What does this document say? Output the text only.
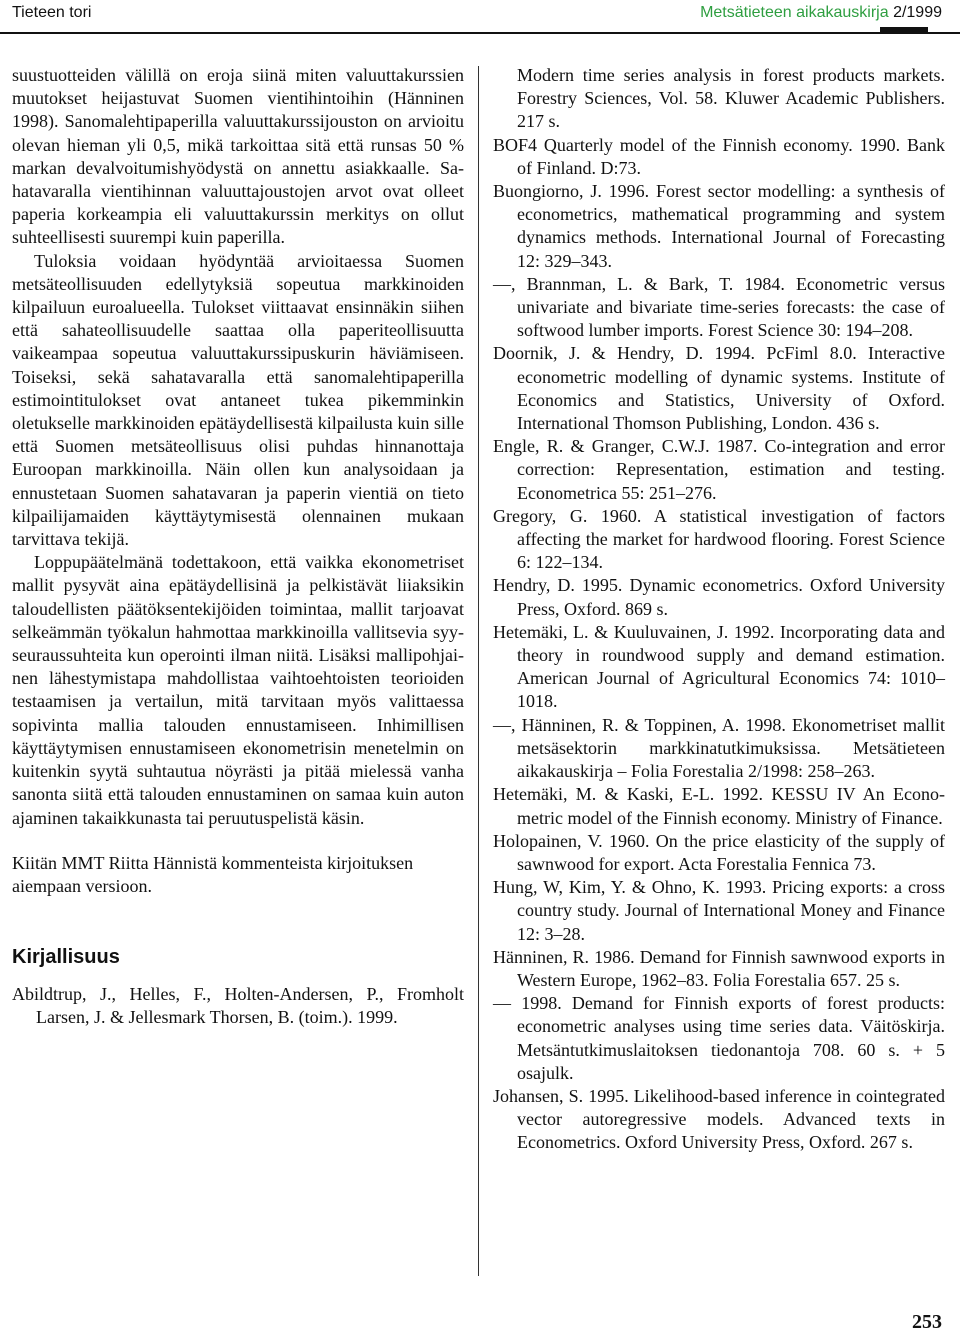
Tieteen tori	Metsätieteen aikakauskirja 2/1999

suustuotteiden välillä on eroja siinä miten valuuttakurssien muutokset heijastuvat Suomen vientihintoihin (Hänninen 1998). Sanomalehtipaperilla valuuttakurssijouston on arvioitu olevan hieman yli 0,5, mikä tarkoittaa sitä että runsas 50 % markan devalvoitumishyödystä on annettu asiakkaalle. Sahatavaralla vientihinnan valuuttajoustojen arvot ovat olleet paperia korkeampia eli valuuttakurssin merkitys on ollut suhteellisesti suurempi kuin paperilla.

Tuloksia voidaan hyödyntää arvioitaessa Suomen metsäteollisuuden edellytyksiä sopeutua markkinoiden kilpailuun euroalueella. Tulokset viittaavat ensinnäkin siihen että sahateollisuudelle saattaa olla paperiteollisuutta vaikeampaa sopeutua valuuttakurssipuskurin häviämiseen. Toiseksi, sekä sahatavaralla että sanomalehtipaperilla estimointitulokset ovat antaneet tukea pikemminkin oletukselle markkinoiden epätäydellisestä kilpailusta kuin sille että Suomen metsäteollisuus olisi puhdas hinnanottaja Euroopan markkinoilla. Näin ollen kun analysoidaan ja ennustetaan Suomen sahatavaran ja paperin vientiä on tieto kilpailijamaiden käyttäytymisestä olennainen mukaan tarvittava tekijä.

Loppupäätelmänä todettakoon, että vaikka ekonometriset mallit pysyvät aina epätäydellisinä ja pelkistävät liiaksikin taloudellisten päätöksentekijöiden toimintaa, mallit tarjoavat selkeämmän työkalun hahmottaa markkinoilla vallitsevia syy-seuraussuhteita kun operointi ilman niitä. Lisäksi mallipohjainen lähestymistapa mahdollistaa vaihtoehtoisten teorioiden testaamisen ja vertailun, mitä tarvitaan myös valittaessa sopivinta mallia talouden ennustamiseen. Inhimillisen käyttäytymisen ennustamiseen ekonometrisin menetelmin on kuitenkin syytä suhtautua nöyrästi ja pitää mielessä vanha sanonta siitä että talouden ennustaminen on samaa kuin auton ajaminen takaikkunasta tai peruutuspelistä käsin.

Kiitän MMT Riitta Hännistä kommenteista kirjoituksen aiempaan versioon.

Kirjallisuus

Abildtrup, J., Helles, F., Holten-Andersen, P., Fromholt Larsen, J. & Jellesmark Thorsen, B. (toim.). 1999.

Modern time series analysis in forest products markets. Forestry Sciences, Vol. 58. Kluwer Academic Publishers. 217 s.

BOF4 Quarterly model of the Finnish economy. 1990. Bank of Finland. D:73.

Buongiorno, J. 1996. Forest sector modelling: a synthesis of econometrics, mathematical programming and system dynamics methods. International Journal of Forecasting 12: 329–343.

—, Brannman, L. & Bark, T. 1984. Econometric versus univariate and bivariate time-series forecasts: the case of softwood lumber imports. Forest Science 30: 194–208.

Doornik, J. & Hendry, D. 1994. PcFiml 8.0. Interactive econometric modelling of dynamic systems. Institute of Economics and Statistics, University of Oxford. International Thomson Publishing, London. 436 s.

Engle, R. & Granger, C.W.J. 1987. Co-integration and error correction: Representation, estimation and testing. Econometrica 55: 251–276.

Gregory, G. 1960. A statistical investigation of factors affecting the market for hardwood flooring. Forest Science 6: 122–134.

Hendry, D. 1995. Dynamic econometrics. Oxford University Press, Oxford. 869 s.

Hetemäki, L. & Kuuluvainen, J. 1992. Incorporating data and theory in roundwood supply and demand estimation. American Journal of Agricultural Economics 74: 1010–1018.

—, Hänninen, R. & Toppinen, A. 1998. Ekonometriset mallit metsäsektorin markkinatutkimuksissa. Metsätieteen aikakauskirja – Folia Forestalia 2/1998: 258–263.

Hetemäki, M. & Kaski, E-L. 1992. KESSU IV An Econometric model of the Finnish economy. Ministry of Finance.

Holopainen, V. 1960. On the price elasticity of the supply of sawnwood for export. Acta Forestalia Fennica 73.

Hung, W, Kim, Y. & Ohno, K. 1993. Pricing exports: a cross country study. Journal of International Money and Finance 12: 3–28.

Hänninen, R. 1986. Demand for Finnish sawnwood exports in Western Europe, 1962–83. Folia Forestalia 657. 25 s.

— 1998. Demand for Finnish exports of forest products: econometric analyses using time series data. Väitöskirja. Metsäntutkimuslaitoksen tiedonantoja 708. 60 s. + 5 osajulk.

Johansen, S. 1995. Likelihood-based inference in cointegrated vector autoregressive models. Advanced texts in Econometrics. Oxford University Press, Oxford. 267 s.

253
